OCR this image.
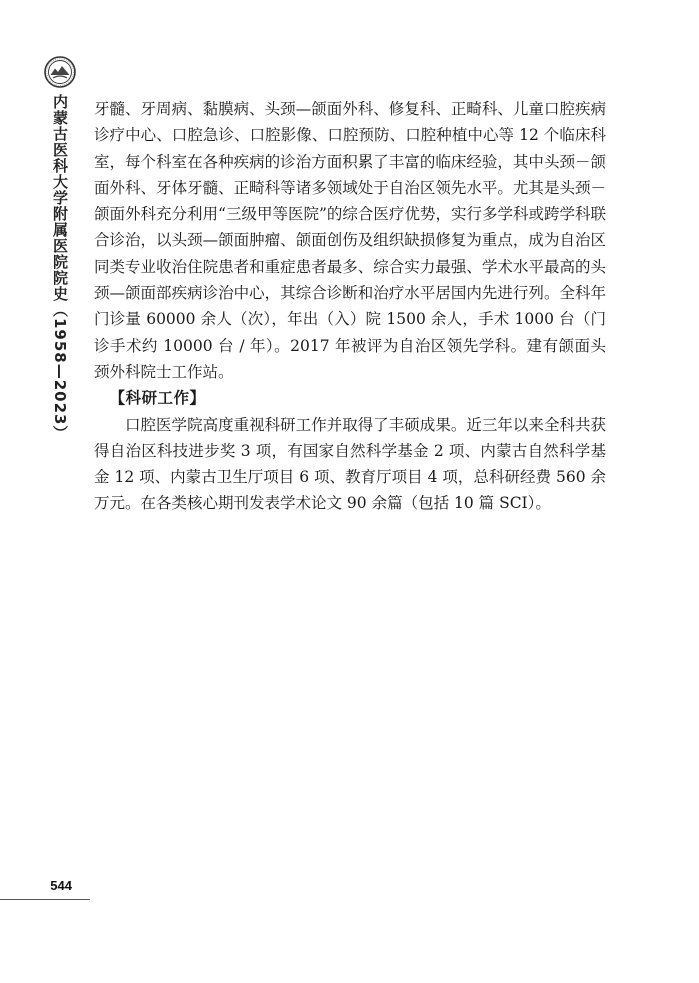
内蒙古医科大学附属医院院史（1958—2023） 牙髓、牙周病、黏膜病、头颈—颌面外科、修复科、正畸科、儿童口腔疾病诊疗中心、口腔急诊、口腔影像、口腔预防、口腔种植中心等 12 个临床科室，每个科室在各种疾病的诊治方面积累了丰富的临床经验，其中头颈－颌面外科、牙体牙髓、正畸科等诸多领域处于自治区领先水平。尤其是头颈－颌面外科充分利用“三级甲等医院”的综合医疗优势，实行多学科或跨学科联合诊治，以头颈—颌面肿瘤、颌面创伤及组织缺损修复为重点，成为自治区同类专业收治住院患者和重症患者最多、综合实力最强、学术水平最高的头颈—颌面部疾病诊治中心，其综合诊断和治疗水平居国内先进行列。全科年门诊量 60000 余人（次），年出（入）院 1500 余人，手术 1000 台（门诊手术约 10000 台 / 年）。2017 年被评为自治区领先学科。建有颌面头颈外科院士工作站。

【科研工作】

口腔医学院高度重视科研工作并取得了丰硕成果。近三年以来全科共获得自治区科技进步奖 3 项，有国家自然科学基金 2 项、内蒙古自然科学基金 12 项、内蒙古卫生厅项目 6 项、教育厅项目 4 项，总科研经费 560 余万元。在各类核心期刊发表学术论文 90 余篇（包括 10 篇 SCI）。

544
